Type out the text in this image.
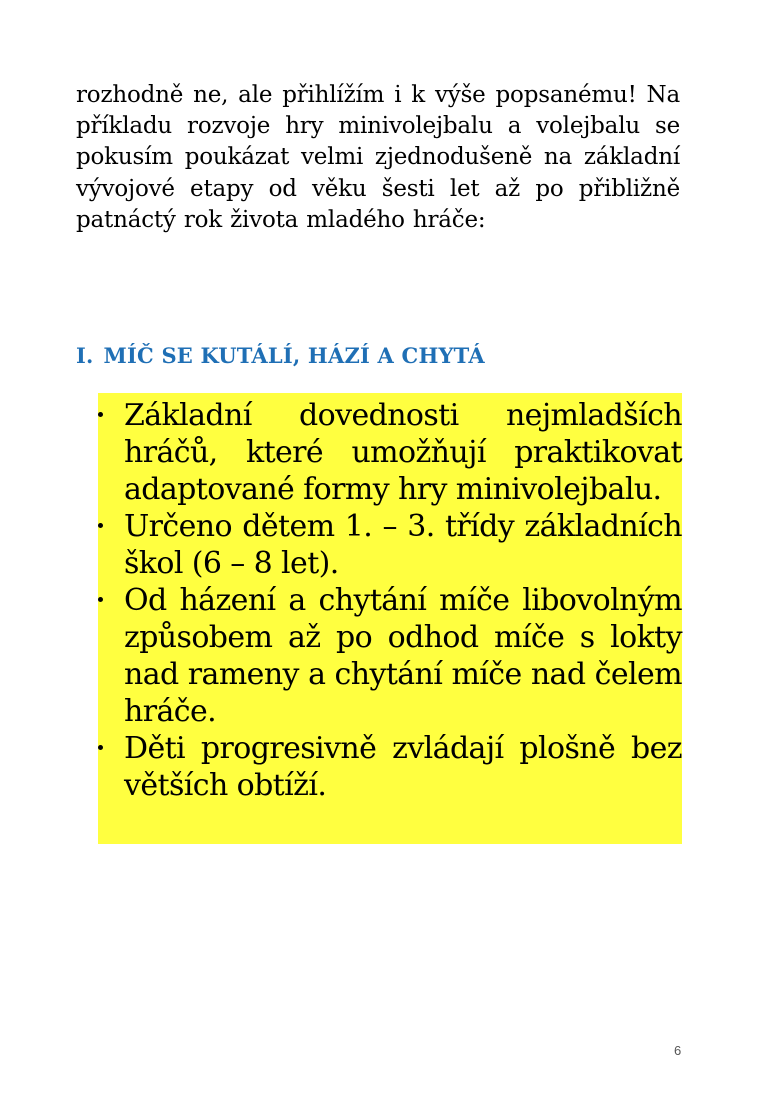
rozhodně ne, ale přihlížím i k výše popsanému! Na příkladu rozvoje hry minivolejbalu a volejbalu se pokusím poukázat velmi zjednodušeně na základní vývojové etapy od věku šesti let až po přibližně patnáctý rok života mladého hráče:

I. MÍČ SE KUTÁLÍ, HÁZÍ A CHYTÁ
Základní dovednosti nejmladších hráčů, které umožňují praktikovat adaptované formy hry minivolejbalu.
Určeno dětem 1. – 3. třídy základních škol (6 – 8 let).
Od házení a chytání míče libovolným způsobem až po odhod míče s lokty nad rameny a chytání míče nad čelem hráče.
Děti progresivně zvládají plošně bez větších obtíží.
6
